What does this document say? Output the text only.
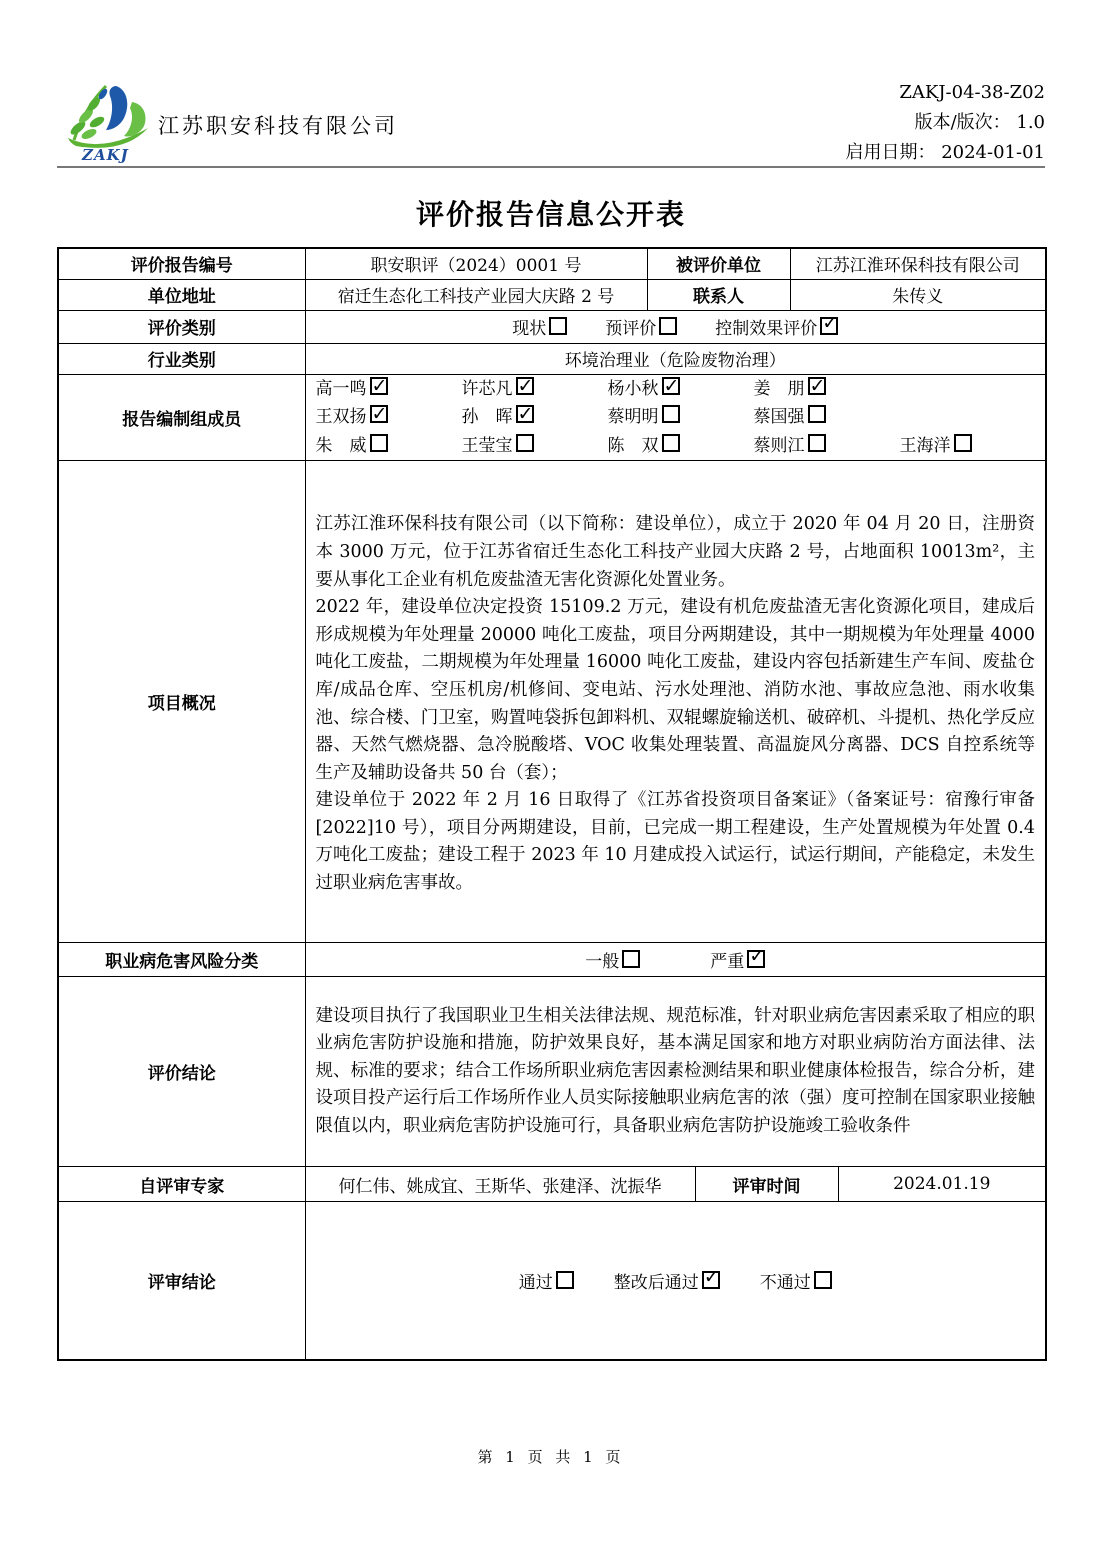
ZAKJ
江苏职安科技有限公司
ZAKJ-04-38-Z02
版本/版次： 1.0
启用日期： 2024-01-01
评价报告信息公开表
评价报告编号	职安职评（2024）0001 号	被评价单位		江苏江淮环保科技有限公司	
单位地址	宿迁生态化工科技产业园大庆路 2 号	联系人		朱传义	
评价类别	现状 预评价 控制效果评价✓

行业类别	环境治理业（危险废物治理）				
报告编制组成员	
高一鸣 ✓	许芯凡 ✓	杨小秋 ✓	姜　朋✓
王双扬 ✓	孙　晖 ✓	蔡明明	蔡国强
朱　威	王莹宝	陈　双	蔡则江	王海洋

项目概况	江苏江淮环保科技有限公司（以下简称：建设单位），成立于 2020 年 04 月 20 日，注册资本 3000 万元，位于江苏省宿迁生态化工科技产业园大庆路 2 号，占地面积 10013m²，主要从事化工企业有机危废盐渣无害化资源化处置业务。

2022 年，建设单位决定投资 15109.2 万元，建设有机危废盐渣无害化资源化项目，建成后形成规模为年处理量 20000 吨化工废盐，项目分两期建设，其中一期规模为年处理量 4000 吨化工废盐，二期规模为年处理量 16000 吨化工废盐，建设内容包括新建生产车间、废盐仓库/成品仓库、空压机房/机修间、变电站、污水处理池、消防水池、事故应急池、雨水收集池、综合楼、门卫室，购置吨袋拆包卸料机、双辊螺旋输送机、破碎机、斗提机、热化学反应器、天然气燃烧器、急冷脱酸塔、VOC 收集处理装置、高温旋风分离器、DCS 自控系统等生产及辅助设备共 50 台（套）；

建设单位于 2022 年 2 月 16 日取得了《江苏省投资项目备案证》（备案证号：宿豫行审备[2022]10 号），项目分两期建设，目前，已完成一期工程建设，生产处置规模为年处置 0.4 万吨化工废盐；建设工程于 2023 年 10 月建成投入试运行，试运行期间，产能稳定，未发生过职业病危害事故。				

职业病危害风险分类	一般 严重✓

评价结论	建设项目执行了我国职业卫生相关法律法规、规范标准，针对职业病危害因素采取了相应的职业病危害防护设施和措施，防护效果良好，基本满足国家和地方对职业病防治方面法律、法规、标准的要求；结合工作场所职业病危害因素检测结果和职业健康体检报告，综合分析，建设项目投产运行后工作场所作业人员实际接触职业病危害的浓（强）度可控制在国家职业接触限值以内，职业病危害防护设施可行，具备职业病危害防护设施竣工验收条件				

自评审专家	何仁伟、姚成宜、王斯华、张建泽、沈振华		评审时间		2024.01.19
评审结论	通过 整改后通过 ✓ 不通过
第 1 页 共 1 页
